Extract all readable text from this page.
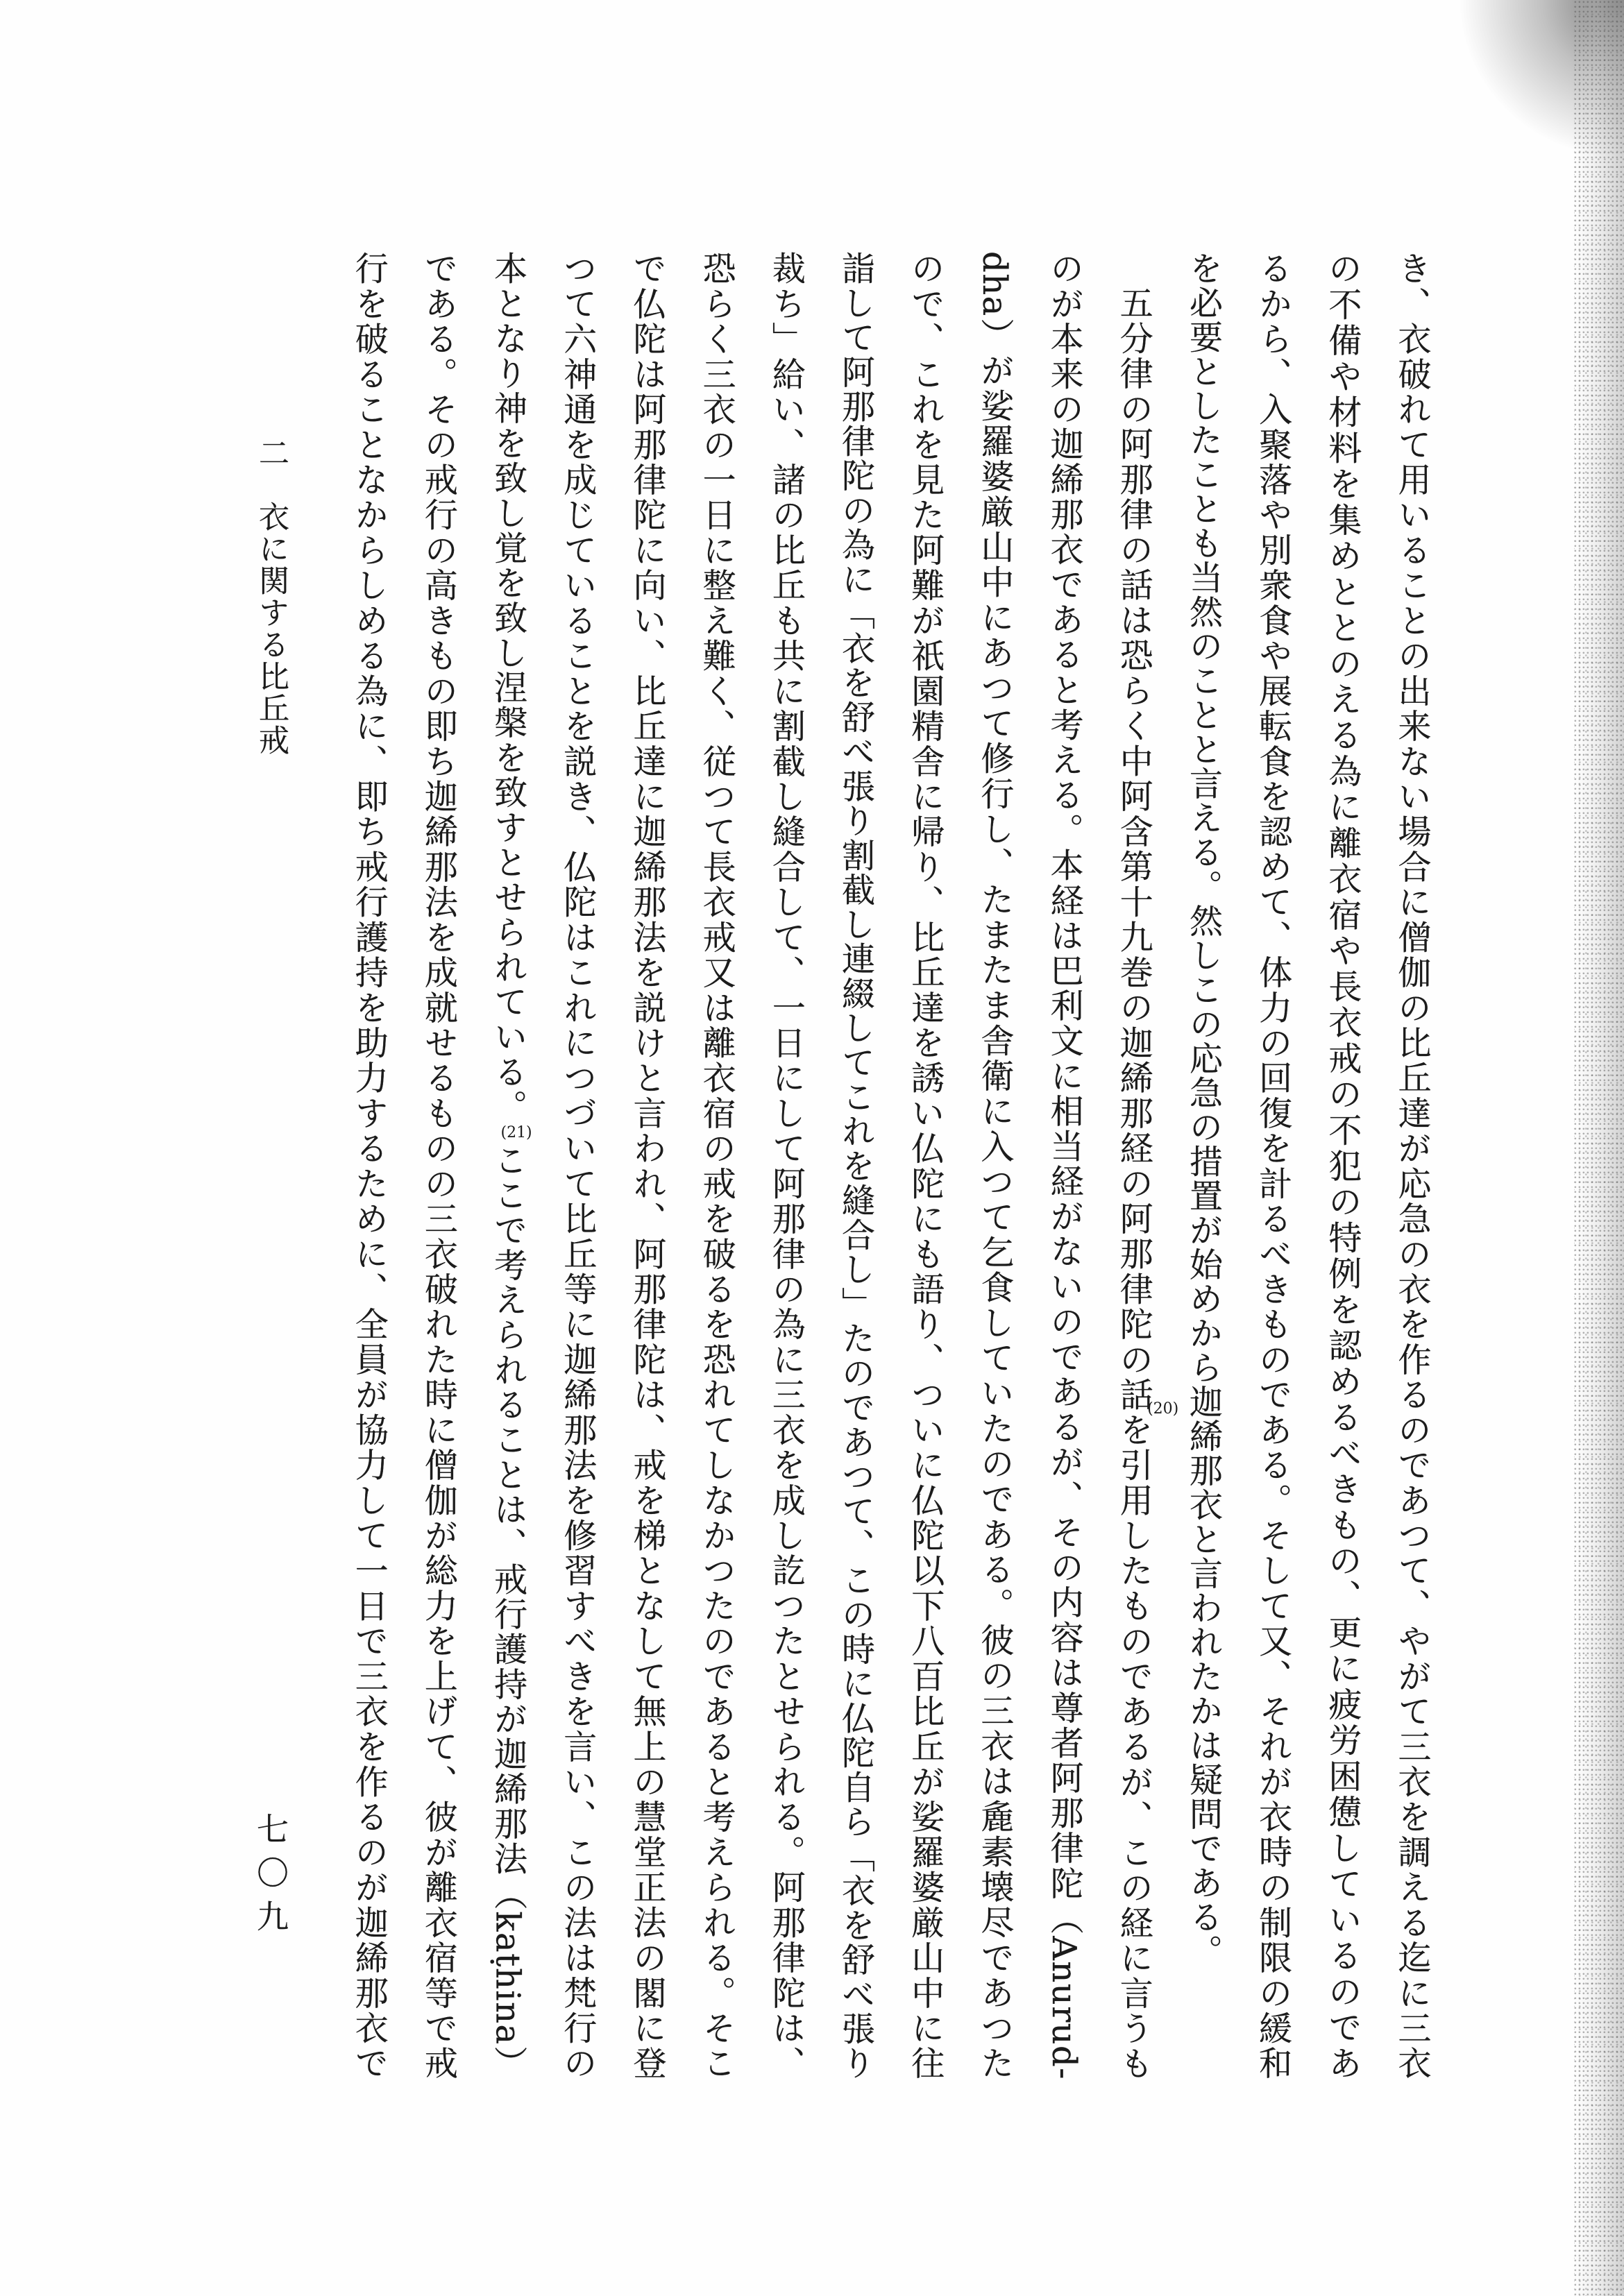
き、衣破れて用いることの出来ない場合に僧伽の比丘達が応急の衣を作るのであつて、やがて三衣を調える迄に三衣
の不備や材料を集めととのえる為に離衣宿や長衣戒の不犯の特例を認めるべきもの、更に疲労困憊しているのであ
るから、入聚落や別衆食や展転食を認めて、体力の回復を計るべきものである。そして又、それが衣時の制限の緩和
を必要としたことも当然のことと言える。然しこの応急の措置が始めから迦絺那衣と言われたかは疑問である。
五分律の阿那律の話は恐らく中阿含第十九巻の迦絺那経の阿那律陀の話
(20)
を引用したものであるが、この経に言うも
のが本来の迦絺那衣であると考える。本経は巴利文に相当経がないのであるが、その内容は尊者阿那律陀（Anurud-
dha）が娑羅婆厳山中にあつて修行し、たまたま舎衛に入つて乞食していたのである。彼の三衣は麁素壊尽であつた
ので、これを見た阿難が祇園精舎に帰り、比丘達を誘い仏陀にも語り、ついに仏陀以下八百比丘が娑羅婆厳山中に往
詣して阿那律陀の為に「衣を舒べ張り割截し連綴してこれを縫合し」たのであつて、この時に仏陀自ら「衣を舒べ張り
裁ち」給い、諸の比丘も共に割截し縫合して、一日にして阿那律の為に三衣を成し訖つたとせられる。阿那律陀は、
恐らく三衣の一日に整え難く、従つて長衣戒又は離衣宿の戒を破るを恐れてしなかつたのであると考えられる。そこ
で仏陀は阿那律陀に向い、比丘達に迦絺那法を説けと言われ、阿那律陀は、戒を梯となして無上の慧堂正法の閣に登
つて六神通を成じていることを説き、仏陀はこれにつづいて比丘等に迦絺那法を修習すべきを言い、この法は梵行の
本となり神を致し覚を致し涅槃を致すとせられている。(21)ここで考えられることは、戒行護持が迦絺那法（kaṭhina）
である。その戒行の高きもの即ち迦絺那法を成就せるものの三衣破れた時に僧伽が総力を上げて、彼が離衣宿等で戒
行を破ることなからしめる為に、即ち戒行護持を助力するために、全員が協力して一日で三衣を作るのが迦絺那衣で
二　衣に関する比丘戒
七〇九
